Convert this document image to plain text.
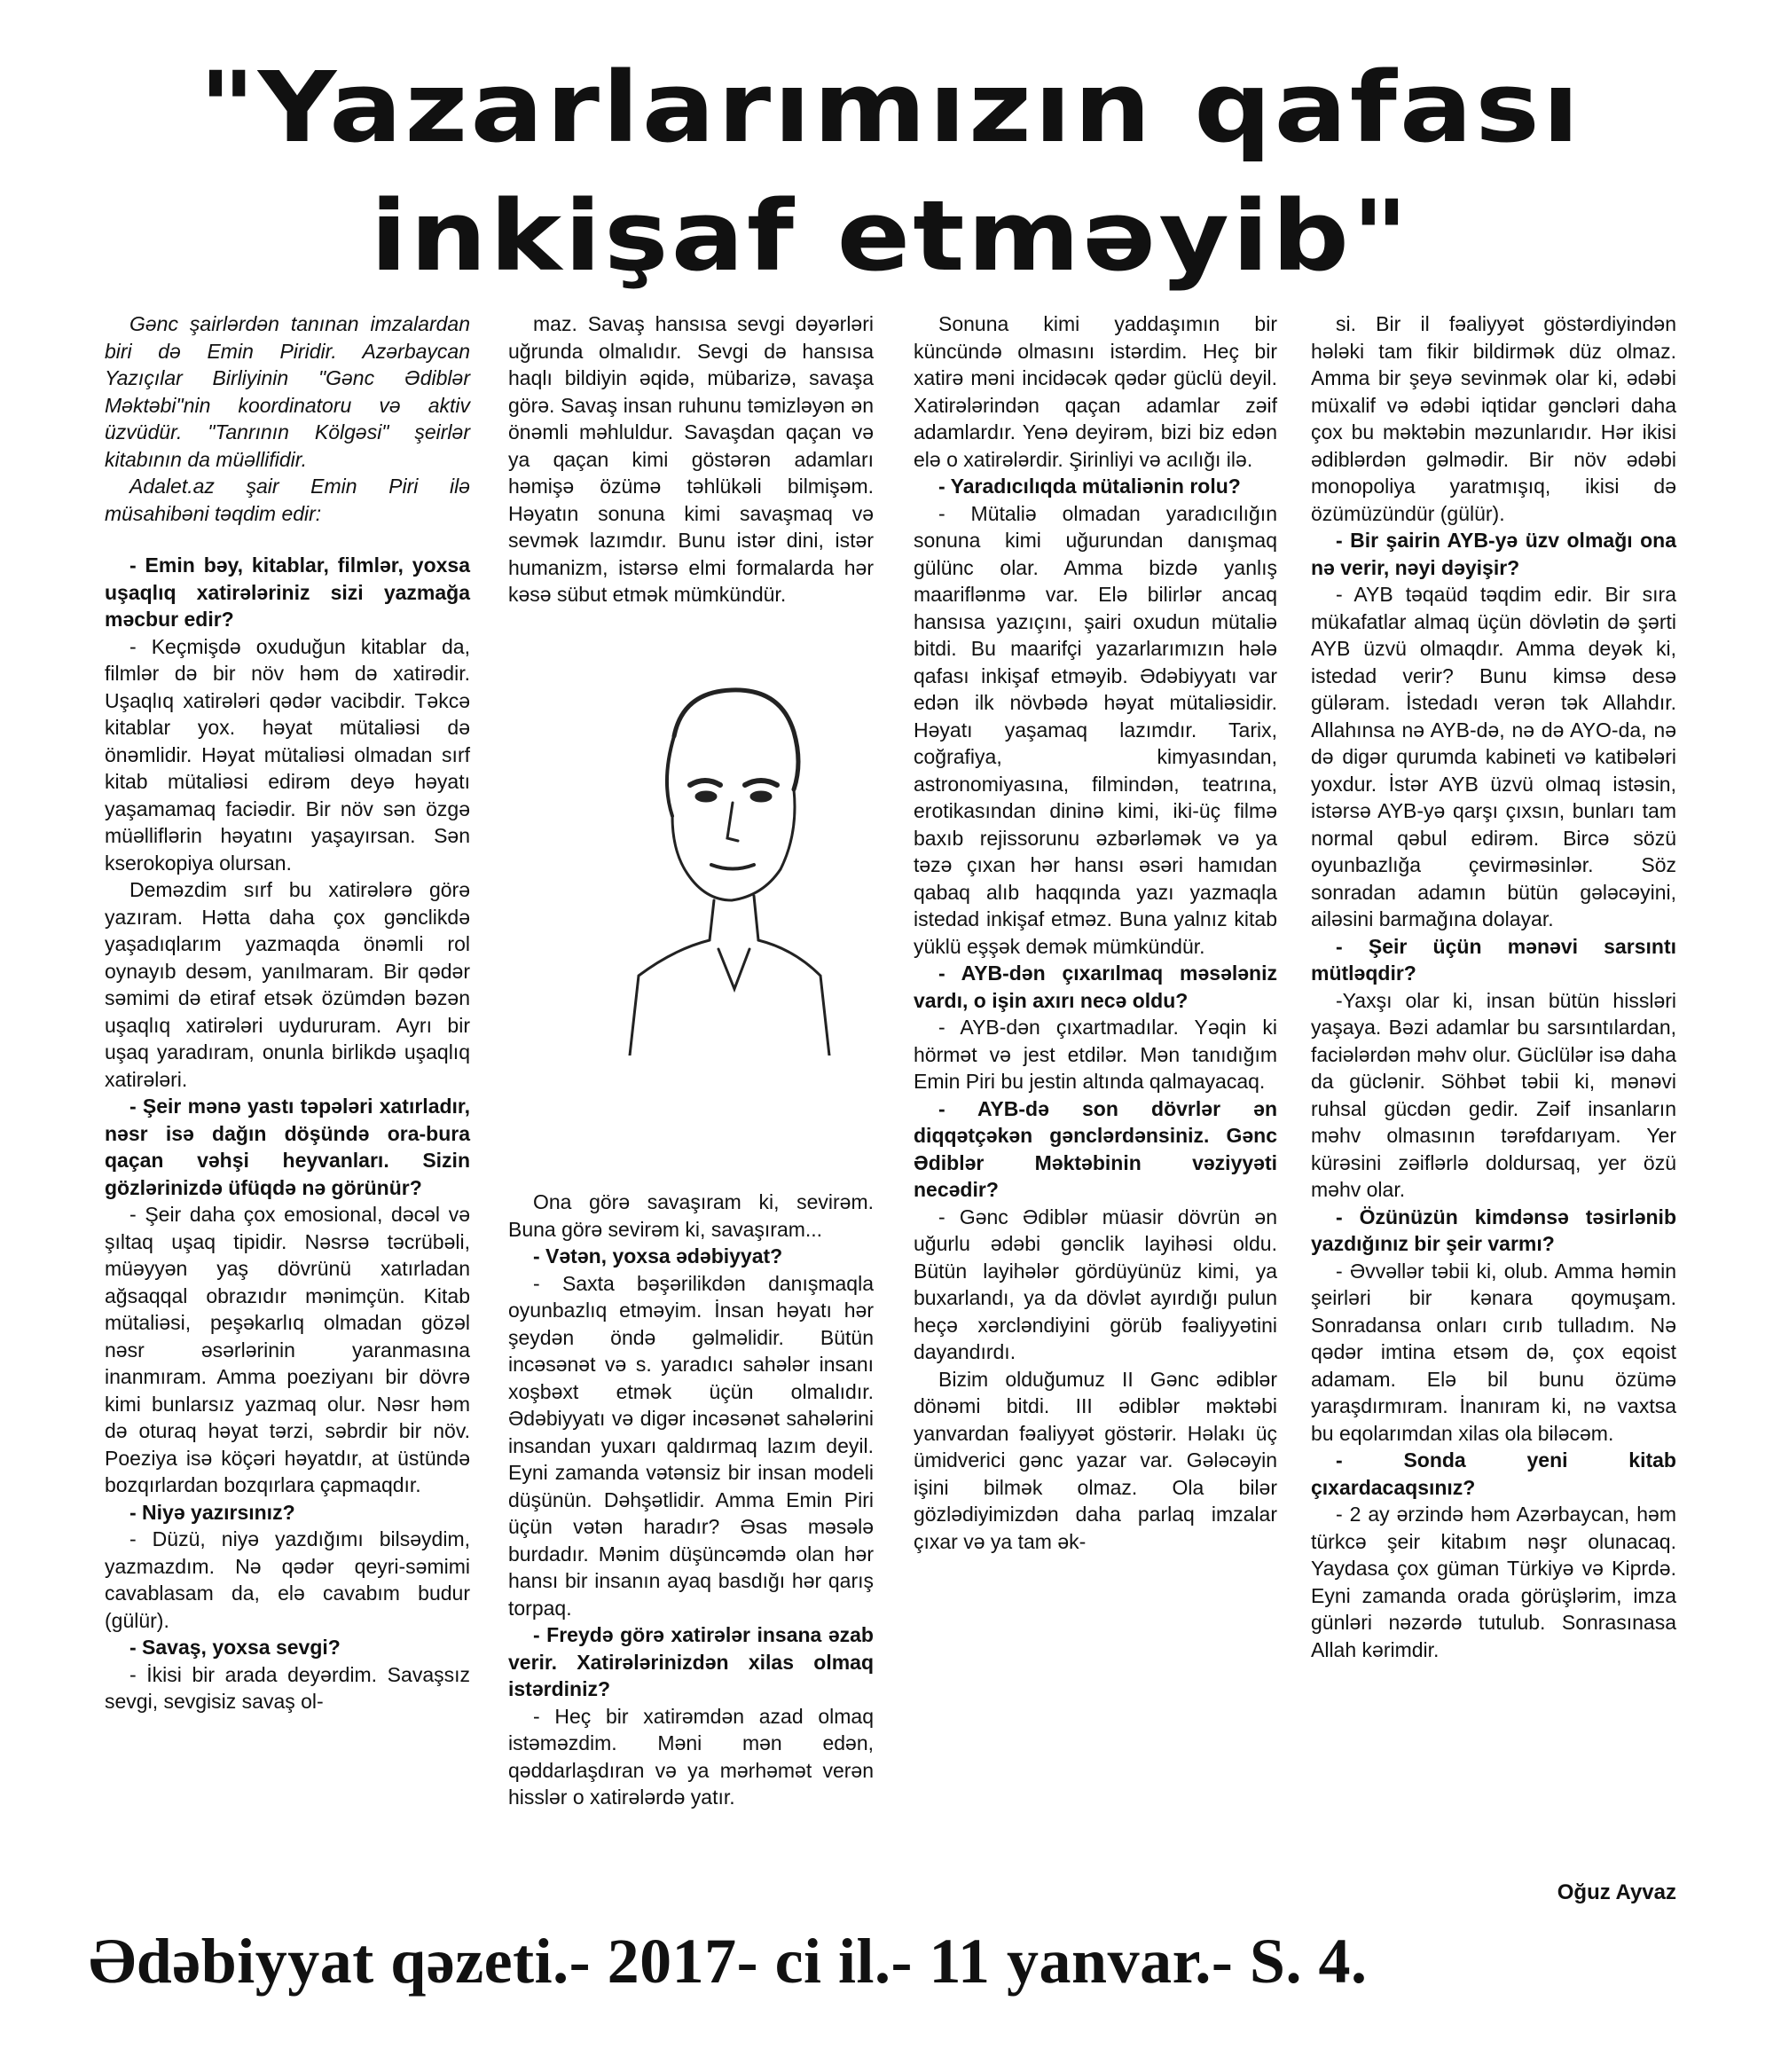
"Yazarlarımızın qafası
inkişaf etməyib"

Gənc şairlərdən tanınan imzalardan biri də Emin Piridir. Azərbaycan Yazıçılar Birliyinin "Gənc Ədiblər Məktəbi"nin koordinatoru və aktiv üzvüdür. "Tanrının Kölgəsi" şeirlər kitabının da müəllifidir.

Adalet.az şair Emin Piri ilə müsahibəni təqdim edir:

- Emin bəy, kitablar, filmlər, yoxsa uşaqlıq xatirələriniz sizi yazmağa məcbur edir?

- Keçmişdə oxuduğun kitablar da, filmlər də bir növ həm də xatirədir. Uşaqlıq xatirələri qədər vacibdir. Təkcə kitablar yox. həyat mütaliəsi də önəmlidir. Həyat mütaliəsi olmadan sırf kitab mütaliəsi edirəm deyə həyatı yaşamamaq faciədir. Bir növ sən özgə müəlliflərin həyatını yaşayırsan. Sən kserokopiya olursan.

Deməzdim sırf bu xatirələrə görə yazıram. Hətta daha çox gənclikdə yaşadıqlarım yazmaqda önəmli rol oynayıb desəm, yanılmaram. Bir qədər səmimi də etiraf etsək özümdən bəzən uşaqlıq xatirələri uydururam. Ayrı bir uşaq yaradıram, onunla birlikdə uşaqlıq xatirələri.

- Şeir mənə yastı təpələri xatırladır, nəsr isə dağın döşündə ora-bura qaçan vəhşi heyvanları. Sizin gözlərinizdə üfüqdə nə görünür?

- Şeir daha çox emosional, dəcəl və şıltaq uşaq tipidir. Nəsrsə təcrübəli, müəyyən yaş dövrünü xatırladan ağsaqqal obrazıdır mənimçün. Kitab mütaliəsi, peşəkarlıq olmadan gözəl nəsr əsərlərinin yaranmasına inanmıram. Amma poeziyanı bir dövrə kimi bunlarsız yazmaq olur. Nəsr həm də oturaq həyat tərzi, səbrdir bir növ. Poeziya isə köçəri həyatdır, at üstündə bozqırlardan bozqırlara çapmaqdır.

- Niyə yazırsınız?

- Düzü, niyə yazdığımı bilsəydim, yazmazdım. Nə qədər qeyri-səmimi cavablasam da, elə cavabım budur (gülür).

- Savaş, yoxsa sevgi?

- İkisi bir arada deyərdim. Savaşsız sevgi, sevgisiz savaş ol-

maz. Savaş hansısa sevgi dəyərləri uğrunda olmalıdır. Sevgi də hansısa haqlı bildiyin əqidə, mübarizə, savaşa görə. Savaş insan ruhunu təmizləyən ən önəmli məhluldur. Savaşdan qaçan və ya qaçan kimi göstərən adamları həmişə özümə təhlükəli bilmişəm. Həyatın sonuna kimi savaşmaq və sevmək lazımdır. Bunu istər dini, istər humanizm, istərsə elmi formalarda hər kəsə sübut etmək mümkündür.

Ona görə savaşıram ki, sevirəm. Buna görə sevirəm ki, savaşıram...

- Vətən, yoxsa ədəbiyyat?

- Saxta bəşərilikdən danışmaqla oyunbazlıq etməyim. İnsan həyatı hər şeydən öndə gəlməlidir. Bütün incəsənət və s. yaradıcı sahələr insanı xoşbəxt etmək üçün olmalıdır. Ədəbiyyatı və digər incəsənət sahələrini insandan yuxarı qaldırmaq lazım deyil. Eyni zamanda vətənsiz bir insan modeli düşünün. Dəhşətlidir. Amma Emin Piri üçün vətən haradır? Əsas məsələ burdadır. Mənim düşüncəmdə olan hər hansı bir insanın ayaq basdığı hər qarış torpaq.

- Freydə görə xatirələr insana əzab verir. Xatirələrinizdən xilas olmaq istərdiniz?

- Heç bir xatirəmdən azad olmaq istəməzdim. Məni mən edən, qəddarlaşdıran və ya mərhəmət verən hisslər o xatirələrdə yatır.

Sonuna kimi yaddaşımın bir küncündə olmasını istərdim. Heç bir xatirə məni incidəcək qədər güclü deyil. Xatirələrindən qaçan adamlar zəif adamlardır. Yenə deyirəm, bizi biz edən elə o xatirələrdir. Şirinliyi və acılığı ilə.

- Yaradıcılıqda mütaliənin rolu?

- Mütaliə olmadan yaradıcılığın sonuna kimi uğurundan danışmaq gülünc olar. Amma bizdə yanlış maariflənmə var. Elə bilirlər ancaq hansısa yazıçını, şairi oxudun mütaliə bitdi. Bu maarifçi yazarlarımızın hələ qafası inkişaf etməyib. Ədəbiyyatı var edən ilk növbədə həyat mütaliəsidir. Həyatı yaşamaq lazımdır. Tarix, coğrafiya, kimyasından, astronomiyasına, filmindən, teatrına, erotikasından dininə kimi, iki-üç filmə baxıb rejissorunu əzbərləmək və ya təzə çıxan hər hansı əsəri hamıdan qabaq alıb haqqında yazı yazmaqla istedad inkişaf etməz. Buna yalnız kitab yüklü eşşək demək mümkündür.

- AYB-dən çıxarılmaq məsələniz vardı, o işin axırı necə oldu?

- AYB-dən çıxartmadılar. Yəqin ki hörmət və jest etdilər. Mən tanıdığım Emin Piri bu jestin altında qalmayacaq.

- AYB-də son dövrlər ən diqqətçəkən gənclərdənsiniz. Gənc Ədiblər Məktəbinin vəziyyəti necədir?

- Gənc Ədiblər müasir dövrün ən uğurlu ədəbi gənclik layihəsi oldu. Bütün layihələr gördüyünüz kimi, ya buxarlandı, ya da dövlət ayırdığı pulun heçə xərcləndiyini görüb fəaliyyətini dayandırdı.

Bizim olduğumuz II Gənc ədiblər dönəmi bitdi. III ədiblər məktəbi yanvardan fəaliyyət göstərir. Həlakı üç ümidverici gənc yazar var. Gələcəyin işini bilmək olmaz. Ola bilər gözlədiyimizdən daha parlaq imzalar çıxar və ya tam ək-

si. Bir il fəaliyyət göstərdiyindən hələki tam fikir bildirmək düz olmaz. Amma bir şeyə sevinmək olar ki, ədəbi müxalif və ədəbi iqtidar gəncləri daha çox bu məktəbin məzunlarıdır. Hər ikisi ədiblərdən gəlmədir. Bir növ ədəbi monopoliya yaratmışıq, ikisi də özümüzündür (gülür).

- Bir şairin AYB-yə üzv olmağı ona nə verir, nəyi dəyişir?

- AYB təqaüd təqdim edir. Bir sıra mükafatlar almaq üçün dövlətin də şərti AYB üzvü olmaqdır. Amma deyək ki, istedad verir? Bunu kimsə desə güləram. İstedadı verən tək Allahdır. Allahınsa nə AYB-də, nə də AYO-da, nə də digər qurumda kabineti və katibələri yoxdur. İstər AYB üzvü olmaq istəsin, istərsə AYB-yə qarşı çıxsın, bunları tam normal qəbul edirəm. Bircə sözü oyunbazlığa çevirməsinlər. Söz sonradan adamın bütün gələcəyini, ailəsini barmağına dolayar.

- Şeir üçün mənəvi sarsıntı mütləqdir?

-Yaxşı olar ki, insan bütün hissləri yaşaya. Bəzi adamlar bu sarsıntılardan, faciələrdən məhv olur. Güclülər isə daha da güclənir. Söhbət təbii ki, mənəvi ruhsal gücdən gedir. Zəif insanların məhv olmasının tərəfdarıyam. Yer kürəsini zəiflərlə doldursaq, yer özü məhv olar.

- Özünüzün kimdənsə təsirlənib yazdığınız bir şeir varmı?

- Əvvəllər təbii ki, olub. Amma həmin şeirləri bir kənara qoymuşam. Sonradansa onları cırıb tulladım. Nə qədər imtina etsəm də, çox eqoist adamam. Elə bil bunu özümə yaraşdırmıram. İnanıram ki, nə vaxtsa bu eqolarımdan xilas ola biləcəm.

- Sonda yeni kitab çıxardacaqsınız?

- 2 ay ərzində həm Azərbaycan, həm türkcə şeir kitabım nəşr olunacaq. Yaydasa çox güman Türkiyə və Kiprdə. Eyni zamanda orada görüşlərim, imza günləri nəzərdə tutulub. Sonrasınasa Allah kərimdir.

Oğuz Ayvaz
Ədəbiyyat qəzeti.- 2017- ci il.- 11 yanvar.- S. 4.
